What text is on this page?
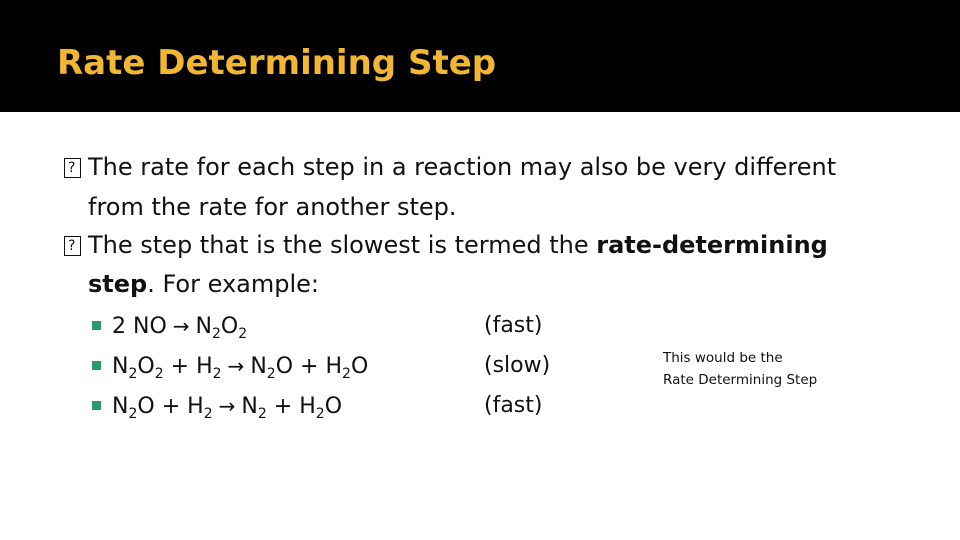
Rate Determining Step
?
The rate for each step in a reaction may also be very different
from the rate for another step.
?
The step that is the slowest is termed the rate-determining
step. For example:
2 NO → $N_2O_2$	(fast)
$N_2O_2 + H_2 \to N_2O + H_2O$	(slow)
$N_2O + H_2 \to N_2 + H_2O$	(fast)
This would be the
Rate Determining Step
